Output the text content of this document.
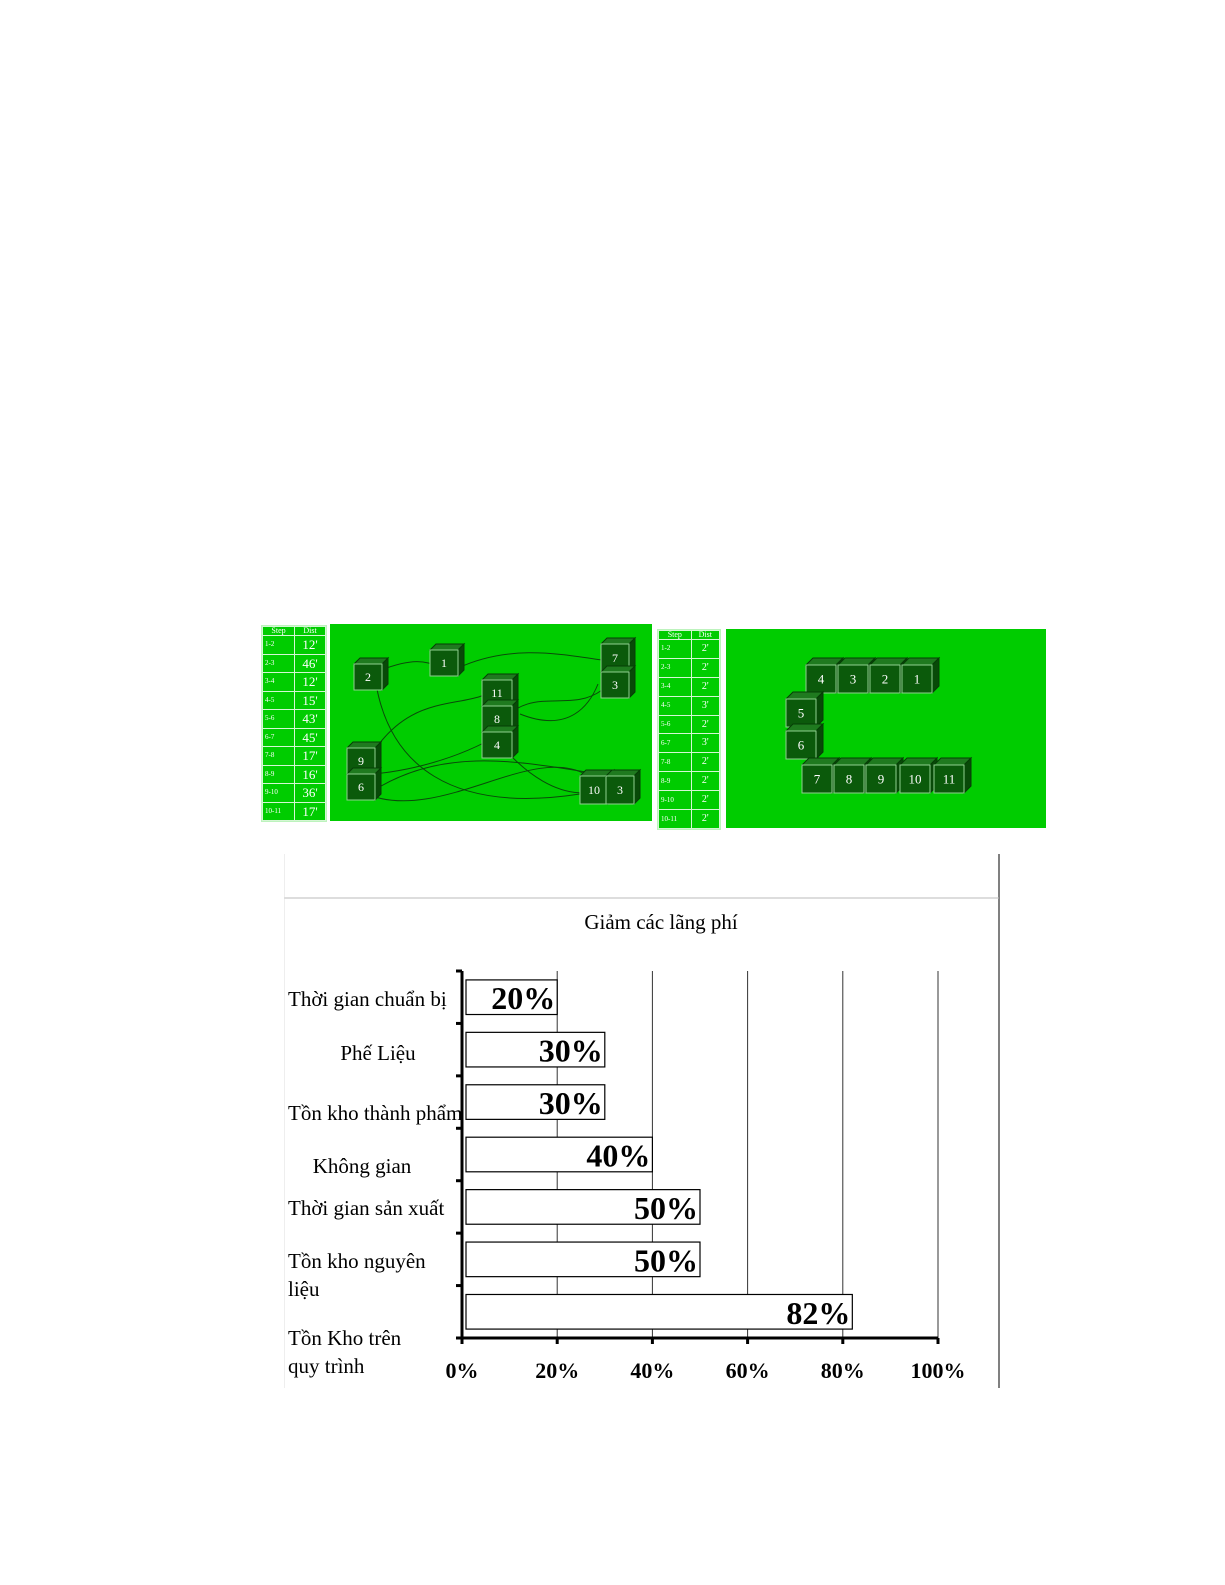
Step	Dist
1-2	12'
2-3	46'
3-4	12'
4-5	15'
5-6	43'
6-7	45'
7-8	17'
8-9	16'
9-10	36'
10-11	17'
1
2
11
8
4
7
3
9
6	10 3
Step	Dist
1-2	2'
2-3	2'
3-4	2'
4-5	3'
5-6	2'
6-7	3'
7-8	2'
8-9	2'
9-10	2'
10-11	2'
4 3 2 1
5
6
7 8 9 10 11
Giảm các lãng phí
0%	20% 40% 60% 80% 100%
20%
30%
30%
40%
50%
50%
82%
Thời gian chuẩn bị
Phế Liệu
Tồn kho thành phẩm
Không gian
Thời gian sản xuất
Tồn kho nguyên
liệu
Tồn Kho trên
quy trình
